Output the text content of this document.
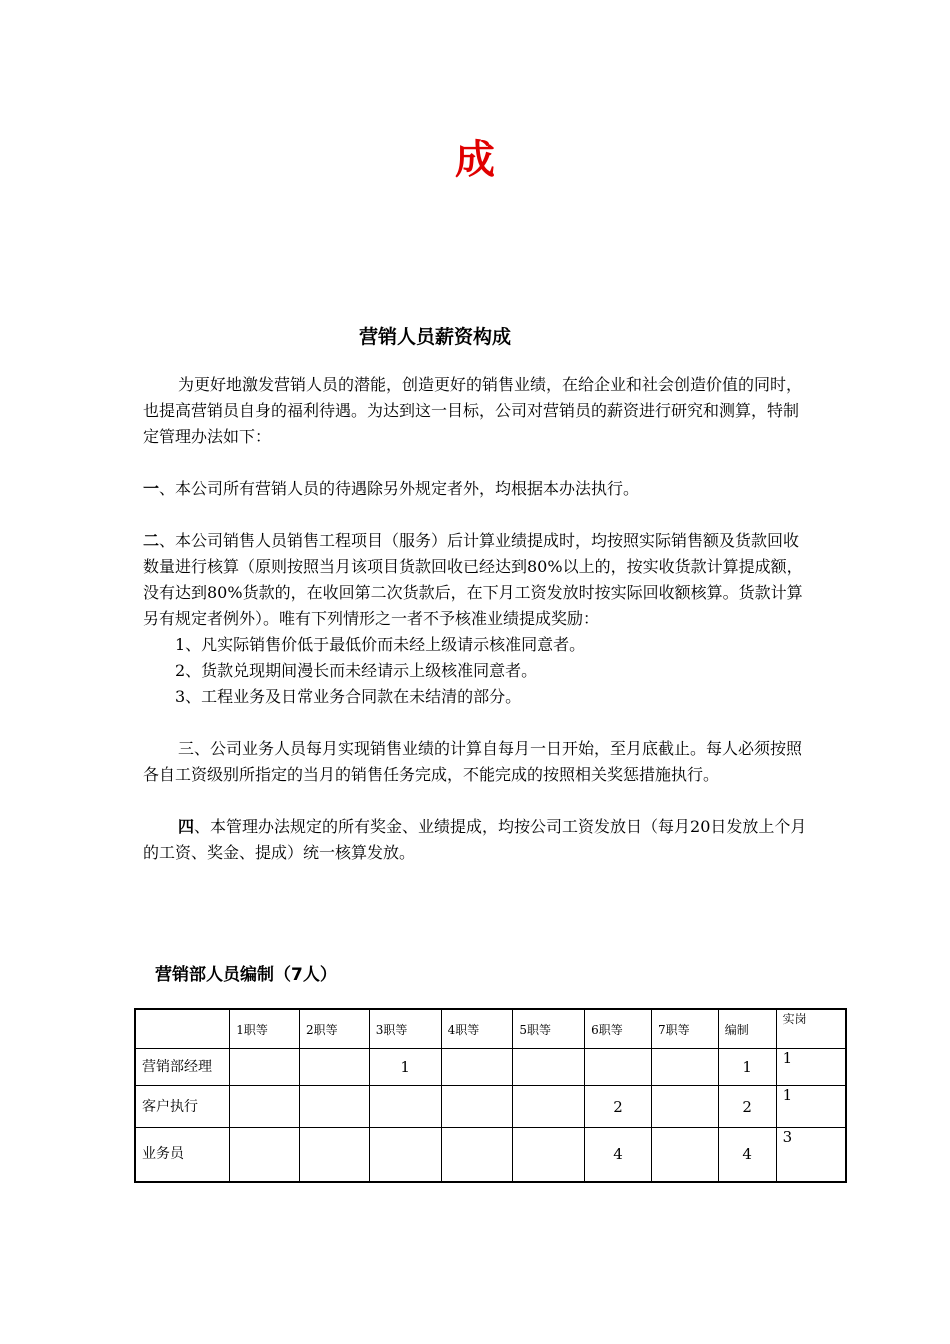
成
营销人员薪资构成

为更好地激发营销人员的潜能，创造更好的销售业绩，在给企业和社会创造价值的同时，也提高营销员自身的福利待遇。为达到这一目标，公司对营销员的薪资进行研究和测算，特制定管理办法如下：

一、本公司所有营销人员的待遇除另外规定者外，均根据本办法执行。

二、本公司销售人员销售工程项目（服务）后计算业绩提成时，均按照实际销售额及货款回收数量进行核算（原则按照当月该项目货款回收已经达到80%以上的，按实收货款计算提成额，没有达到80%货款的，在收回第二次货款后，在下月工资发放时按实际回收额核算。货款计算另有规定者例外）。唯有下列情形之一者不予核准业绩提成奖励：

1、凡实际销售价低于最低价而未经上级请示核准同意者。

2、货款兑现期间漫长而未经请示上级核准同意者。

3、工程业务及日常业务合同款在未结清的部分。

三、公司业务人员每月实现销售业绩的计算自每月一日开始，至月底截止。每人必须按照各自工资级别所指定的当月的销售任务完成，不能完成的按照相关奖惩措施执行。

四、本管理办法规定的所有奖金、业绩提成，均按公司工资发放日（每月20日发放上个月的工资、奖金、提成）统一核算发放。

营销部人员编制（7人）
	1职等	2职等	3职等	4职等	5职等	6职等	7职等	编制	实岗
营销部经理			1					1	1
客户执行						2		2	1
业务员						4		4	3
